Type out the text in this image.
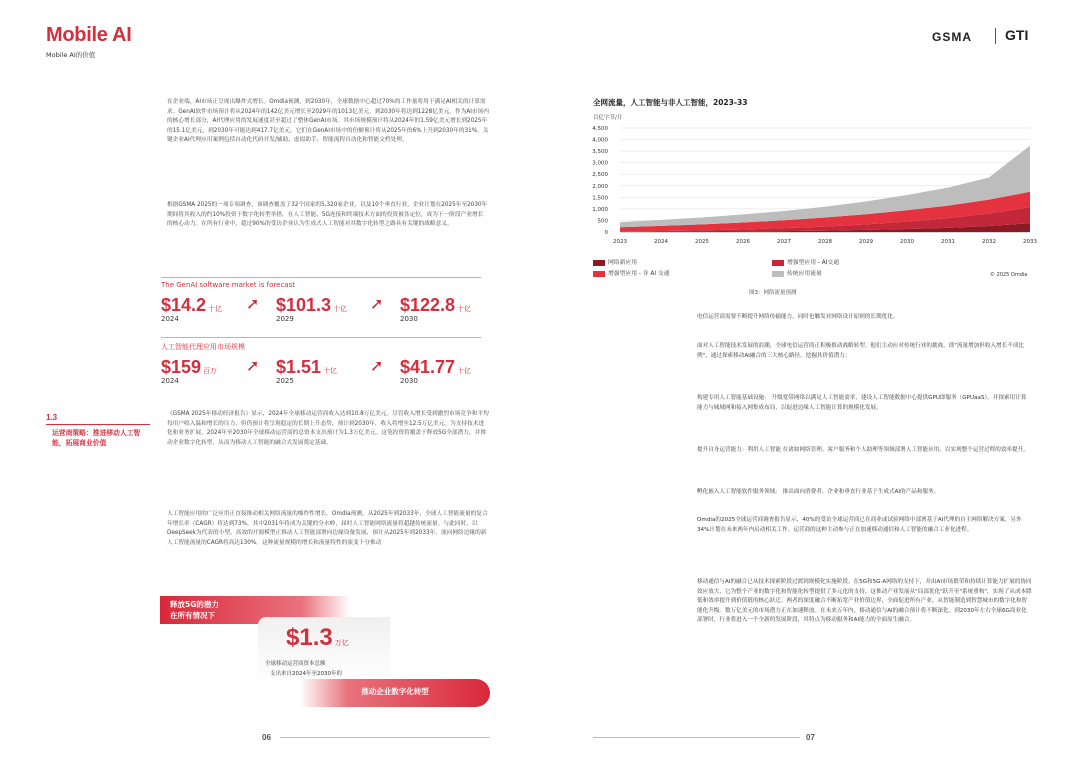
Mobile AI
Mobile AI的价值
GSMA GTI
在企业端，AI市场正呈现出爆炸式增长。Omdia预测，到2030年，全球数据中心超过70%的工作量将用于满足AI相关的计算需求。GenAI软件市场预计将从2024年的142亿美元增长至2029年的1013亿美元，到2030年将达到1228亿美元。作为AI市场内的核心增长部分，AI代理应用的发展速度甚至超过了整体GenAI市场。其市场规模预计将从2024年的1.59亿美元增长到2025年的15.1亿美元，到2030年可能达到417.7亿美元。它们在GenAI市场中的份额预计将从2025年的6%上升到2030年的31%。关键企业AI代理应用案例包括自动化代码开发/辅助、虚拟助手、智能流程自动化和智能文档处理。
根据GSMA 2025的一项专项调查，该调查覆盖了32个国家的5,320家企业，以及10个垂直行业，企业计划在2025年至2030年期间将其收入的约10%投资于数字化转型举措。在人工智能、5G连接和终端技术方面的投资被各定位，成为下一阶段产业增长的核心动力。在所有行业中，超过90%的受访企业认为生成式人工智能对其数字化转型之路具有关键的战略意义。
The GenAI software market is forecast
$14.2 十亿
2024
➚ $101.3 十亿
2029
➚ $122.8 十亿
2030
人工智能代理应用市场规模
$159 百万
2024
➚ $1.51 十亿
2025
➚ $41.77 十亿
2030
1.3
运营商策略：推进移动人工智能，拓展商业价值
《GSMA 2025年移动经济报告》显示，2024年全球移动运营商收入达到10.8万亿美元。尽管收入增长受到激烈市场竞争和平均每用户收入温和增长的压力，但仍预计将呈现稳定的长期上升态势，预计到2030年，收入将增至12.5万亿美元。为支持技术进化和业务扩展，2024年至2030年全球移动运营商的总资本支出预计为1.3万亿美元。这笔投资将覆盖于释放5G全部潜力，并推动企业数字化转型，从而为移动人工智能的融合式发展奠定基础。
人工智能应用的广泛应用正直接推动相关网络流量的爆炸性增长。Omdia预测，从2025年到2033年，全球人工智能流量的复合年增长率（CAGR）将达到73%，其中2031年将成为关键的分水岭，届时人工智能网络流量将超越传统流量。与此同时，以DeepSeek为代表的小型、高效的开源模型正推动人工智能部署向边缘设备发展，预计从2025年到2033年，流向网络边缘的新人工智能流量的CAGR将高达130%。这种流量规模的增长和流量特性的演变十分推动
释放5G的潜力
在所有情况下
$1.3 万亿
全球移动运营商资本总额
支出来自2024年至2030年的
推动企业数字化转型
06
全网流量，人工智能与非人工智能，2023-33
百亿字节/月
0
500
1,000
1,500
2,000
2,500
3,000
3,500
4,000
4,500
2023	2024	2025	2026	2027	2028	2029	2030	2031	2032	2033
网络新应用	增强型应用 - AI交通
增强型应用 - 非 AI 交通	传统应用流量	© 2025 Omdia
图3：网络流量预测
电信运营商需要不断提升网络传输能力，同时也触发对网络设计原则的长期优化。
面对人工智能技术发展的浪潮，全球电信运营商正积极推动战略转型。他们主动应对传统行业的挑战，即"流量增加但收入增长不成比例"，通过探索移动AI融合的三大核心路径，挖掘其价值潜力：
构建专用人工智能基础设施： 升级宽带网络以满足人工智能需求，建设人工智能数据中心提供GPU即服务（GPUaaS），并探索用计算能力与城域网和接入网集成布局，以促进边缘人工智能计算的规模化发展。
提升自身运营能力：利用人工智能 在诸如网络管理、客户服务和个人助理等领域部署人工智能应用，以实现整个运营过程的效率提升。
孵化嵌入人工智能软件服务领域： 推出面向消费者、企业和垂直行业基于生成式AI的产品和服务。
Omdia的2025全球运营商调查报告显示，40%的受访全球运营商已在商业或试验网络中部署基于AI代理的自主网络解决方案，另外34%计划在未来两年内启动相关工作。运营商的这种主动参与正在加速移动通信和人工智能的融合工业化进程。
移动通信与AI的融合已从技术探索阶段过渡到规模化实施阶段。在5G和5G-A网络的支持下，并由AI市场繁荣和持续计算能力扩展的协同效应放大，它为整个产业的数字化和智能化转型提供了多元化的支持。这推动产业发展从"局部优化"跃升至"系统重构"，实现了从成本降低和效率提升到价值链的核心跃迁。两者的深度融合不断拓宽产业价值边界，全面促进所有产业，从智能制造到智慧城市的数字化和智能化升级。数万亿美元的市场潜力正在加速释放。在未来五年内，移动通信与AI的融合预计将不断深化。到2030年左右全球6G商业化部署时，行业将进入一个全新的发展阶段，其特点为移动服务和AI能力的全面原生融合。
07
